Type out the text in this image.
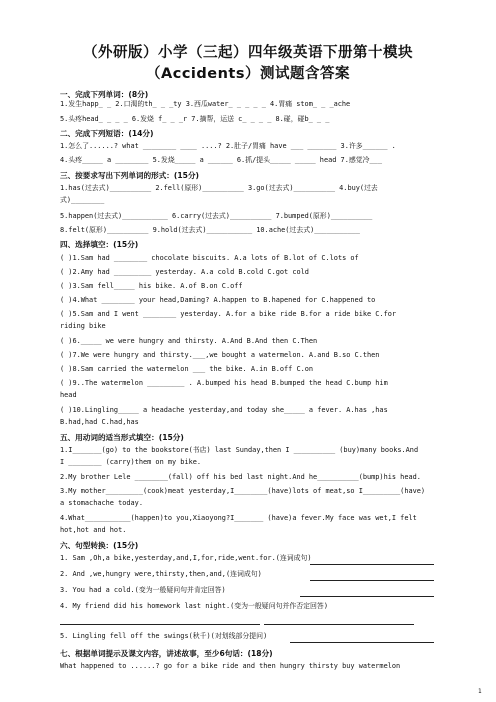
（外研版）小学（三起）四年级英语下册第十模块
（Accidents）测试题含答案
一、完成下列单词：(8分)
1.发生happ_ _ 2.口渴的th_ _ _ty 3.西瓜water_ _ _ _ _ 4.胃痛 stom_ _ _ache
5.头疼head_ _ _ _ 6.发烧 f_ _ _r 7.摘帮，运送 c_ _ _ _ 8.碰，碰b_ _ _
二、完成下列短语：(14分)
1.怎么了......? what ________ ____ ....? 2.肚子/胃痛 have ___ _______ 3.许多______ .
4.头疼_____ a ________ 5.发烧_____ a ______ 6.抓/提头_____ _____ head 7.感觉冷___
三、按要求写出下列单词的形式：(15分)
1.has(过去式)__________ 2.fell(原形)__________ 3.go(过去式)__________ 4.buy(过去
式)________
5.happen(过去式)___________ 6.carry(过去式)__________ 7.bumped(原形)__________
8.felt(原形)__________ 9.hold(过去式)___________ 10.ache(过去式)___________
四、选择填空：(15分)
( )1.Sam had ________ chocolate biscuits. A.a lots of B.lot of C.lots of
( )2.Amy had _________ yesterday. A.a cold B.cold C.got cold
( )3.Sam fell_____ his bike. A.of B.on C.off
( )4.What ________ your head,Daming? A.happen to B.hapened for C.happened to
( )5.Sam and I went ________ yesterday. A.for a bike ride B.for a ride bike C.for
riding bike
( )6._____ we were hungry and thirsty. A.And B.And then C.Then
( )7.We were hungry and thirsty.___,we bought a watermelon. A.and B.so C.then
( )8.Sam carried the watermelon ___ the bike. A.in B.off C.on
( )9..The watermelon _________ . A.bumped his head B.bumped the head C.bump him
head
( )10.Lingling_____ a headache yesterday,and today she_____ a fever. A.has ,has
B.had,had C.had,has
五、用动词的适当形式填空：(15分)
1.I_______(go) to the bookstore(书店) last Sunday,then I __________ (buy)many books.And
I ________ (carry)them on my bike.
2.My brother Lele ________(fall) off his bed last night.And he__________(bump)his head.
3.My mother_________(cook)meat yesterday,I________(have)lots of meat,so I_________(have)
a stomachache today.
4.What___________(happen)to you,Xiaoyong?I_______ (have)a fever.My face was wet,I felt
hot,hot and hot.
六、句型转换：(15分)
1. Sam ,Oh,a bike,yesterday,and,I,for,ride,went.for.(连词成句)
2. And ,we,hungry were,thirsty,then,and,(连词成句)
3. You had a cold.(变为一般疑问句并肯定回答)
4. My friend did his homework last night.(变为一般疑问句并作否定回答)
5. Lingling fell off the swings(秋千)(对划线部分提问)
七、根据单词提示及课文内容，讲述故事，至少6句话：(18分)
What happened to ......? go for a bike ride and then hungry thirsty buy watermelon
1
